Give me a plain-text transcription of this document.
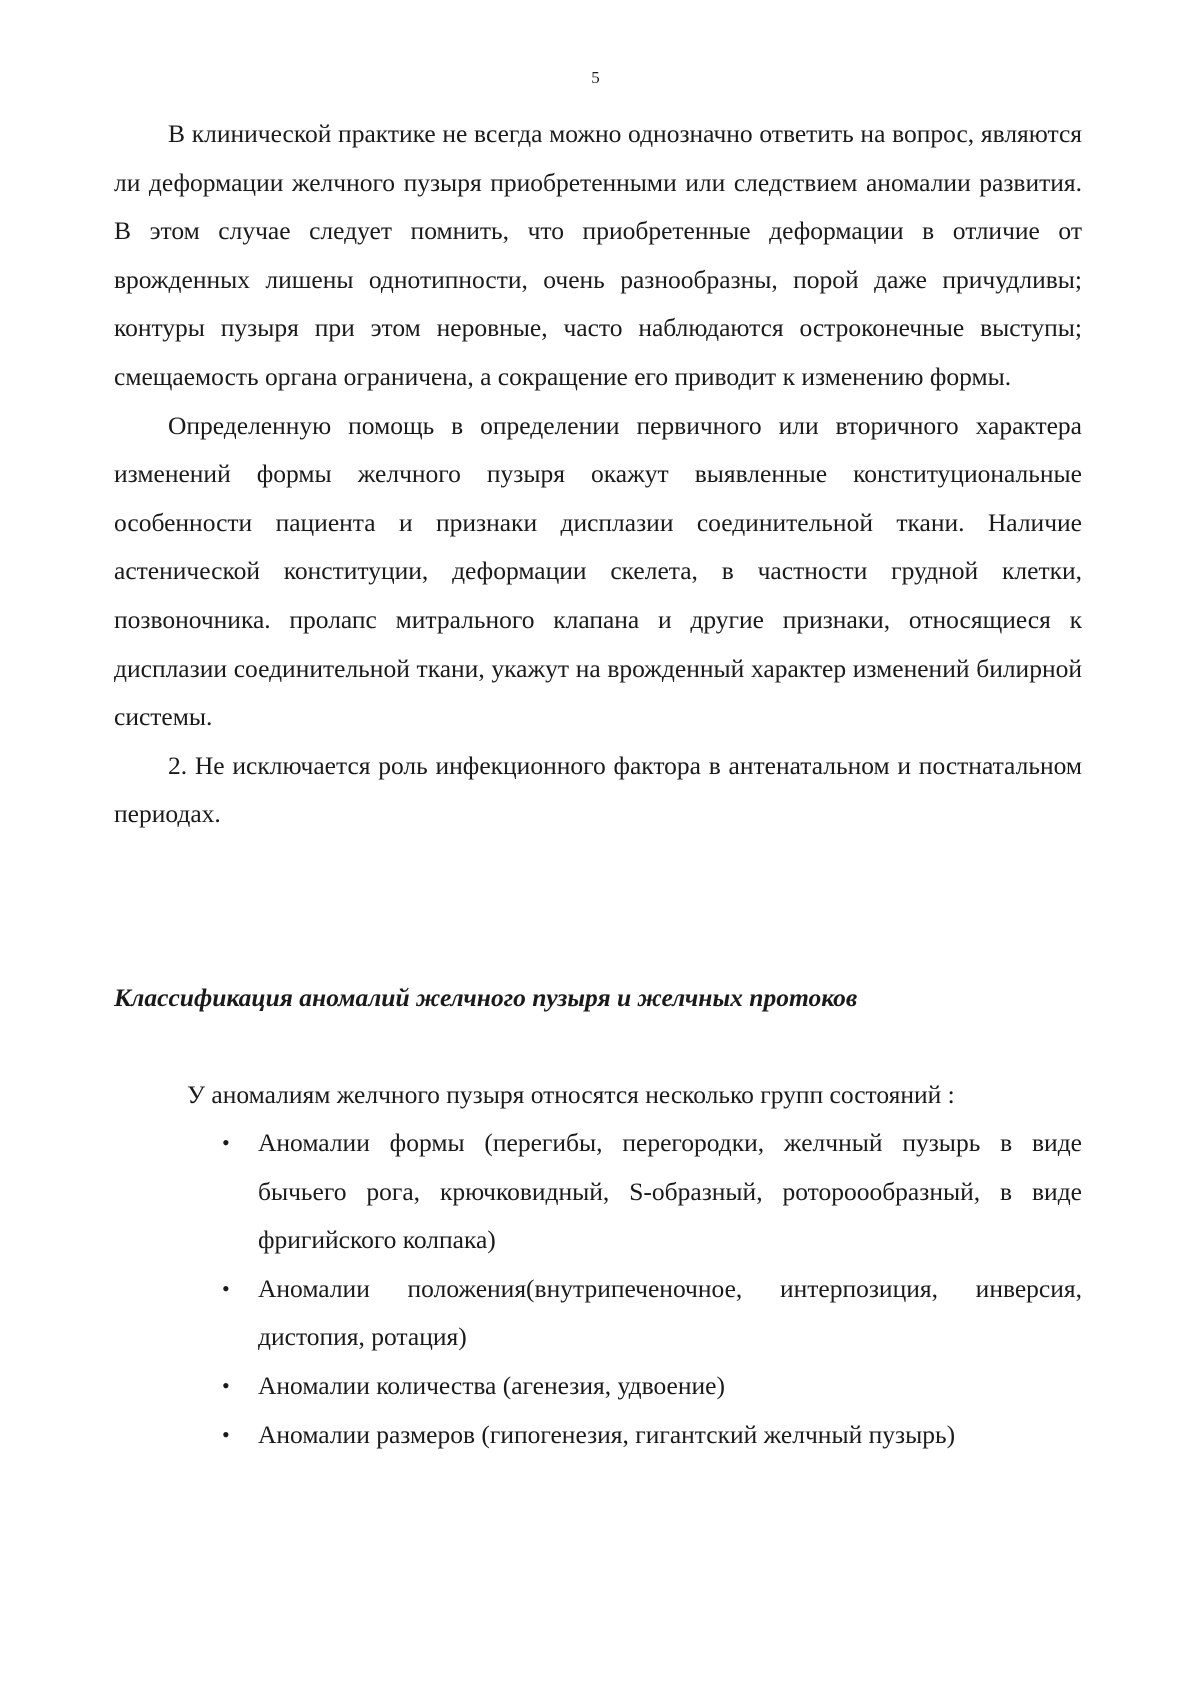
5

В клинической практике не всегда можно однозначно ответить на вопрос, являются ли деформации желчного пузыря приобретенными или следствием аномалии развития. В этом случае следует помнить, что приобретенные деформации в отличие от врожденных лишены однотипности, очень разнообразны, порой даже причудливы; контуры пузыря при этом неровные, часто наблюдаются остроконечные выступы; смещаемость органа ограничена, а сокращение его приводит к изменению формы.

Определенную помощь в определении первичного или вторичного характера изменений формы желчного пузыря окажут выявленные конституциональные особенности пациента и признаки дисплазии соединительной ткани. Наличие астенической конституции, деформации скелета, в частности грудной клетки, позвоночника. пролапс митрального клапана и другие признаки, относящиеся к дисплазии соединительной ткани, укажут на врожденный характер изменений билирной системы.

2. Не исключается роль инфекционного фактора в антенатальном и постнатальном периодах.

Классификация аномалий желчного пузыря и желчных протоков

У аномалиям желчного пузыря относятся несколько групп состояний :

• Аномалии формы (перегибы, перегородки, желчный пузырь в виде бычьего рога, крючковидный, S-образный, ротороообразный, в виде фригийского колпака)
• Аномалии положения(внутрипеченочное, интерпозиция, инверсия, дистопия, ротация)
• Аномалии количества (агенезия, удвоение)
• Аномалии размеров (гипогенезия, гигантский желчный пузырь)
